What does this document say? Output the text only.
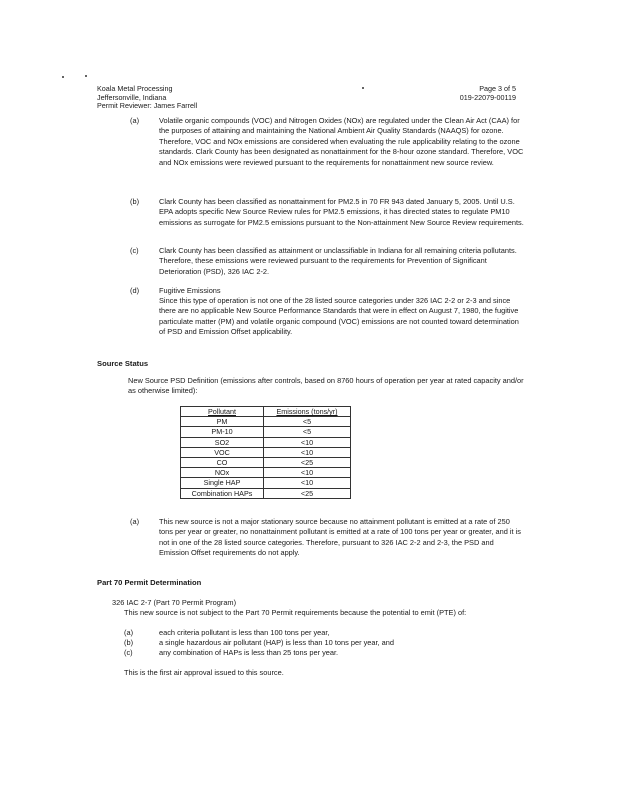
Koala Metal Processing
Jeffersonville, Indiana
Permit Reviewer: James Farrell
Page 3 of 5
019-22079-00119
(a)	Volatile organic compounds (VOC) and Nitrogen Oxides (NOx) are regulated under the Clean Air Act (CAA) for the purposes of attaining and maintaining the National Ambient Air Quality Standards (NAAQS) for ozone. Therefore, VOC and NOx emissions are considered when evaluating the rule applicability relating to the ozone standards. Clark County has been designated as nonattainment for the 8-hour ozone standard. Therefore, VOC and NOx emissions were reviewed pursuant to the requirements for nonattainment new source review.
(b)	Clark County has been classified as nonattainment for PM2.5 in 70 FR 943 dated January 5, 2005. Until U.S. EPA adopts specific New Source Review rules for PM2.5 emissions, it has directed states to regulate PM10 emissions as surrogate for PM2.5 emissions pursuant to the Non-attainment New Source Review requirements.
(c)	Clark County has been classified as attainment or unclassifiable in Indiana for all remaining criteria pollutants. Therefore, these emissions were reviewed pursuant to the requirements for Prevention of Significant Deterioration (PSD), 326 IAC 2-2.
(d)	Fugitive Emissions
Since this type of operation is not one of the 28 listed source categories under 326 IAC 2-2 or 2-3 and since there are no applicable New Source Performance Standards that were in effect on August 7, 1980, the fugitive particulate matter (PM) and volatile organic compound (VOC) emissions are not counted toward determination of PSD and Emission Offset applicability.
Source Status
New Source PSD Definition (emissions after controls, based on 8760 hours of operation per year at rated capacity and/or as otherwise limited):
Pollutant	Emissions (tons/yr)
PM	<5
PM-10	<5
SO2	<10
VOC	<10
CO	<25
NOx	<10
Single HAP	<10
Combination HAPs	<25
(a)	This new source is not a major stationary source because no attainment pollutant is emitted at a rate of 250 tons per year or greater, no nonattainment pollutant is emitted at a rate of 100 tons per year or greater, and it is not in one of the 28 listed source categories. Therefore, pursuant to 326 IAC 2-2 and 2-3, the PSD and Emission Offset requirements do not apply.
Part 70 Permit Determination
326 IAC 2-7 (Part 70 Permit Program)
This new source is not subject to the Part 70 Permit requirements because the potential to emit (PTE) of:
(a)	each criteria pollutant is less than 100 tons per year,
(b)	a single hazardous air pollutant (HAP) is less than 10 tons per year, and
(c)	any combination of HAPs is less than 25 tons per year.
This is the first air approval issued to this source.
